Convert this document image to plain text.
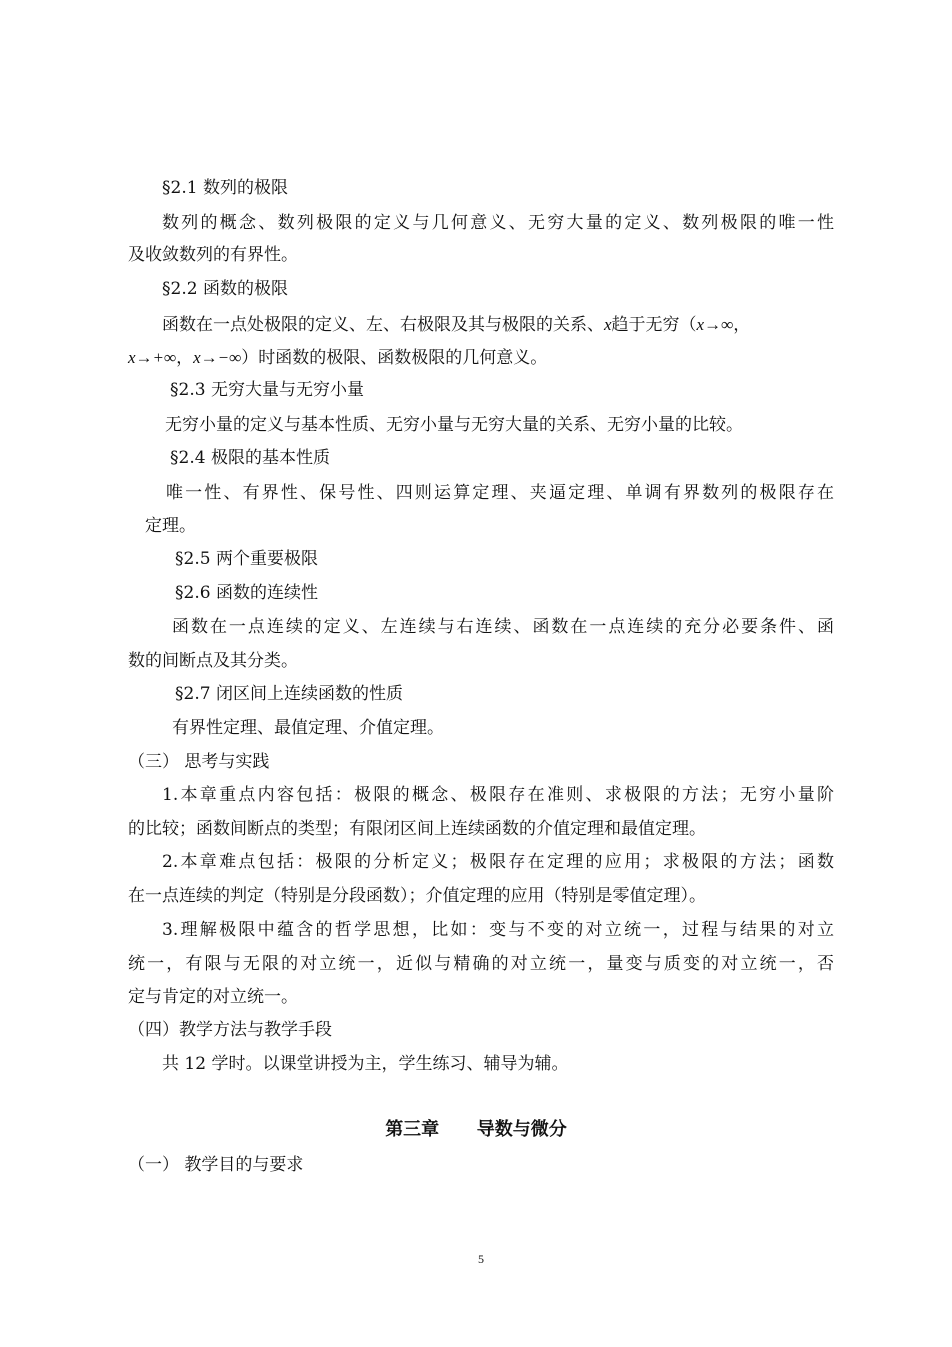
§2.1 数列的极限
数列的概念、数列极限的定义与几何意义、无穷大量的定义、数列极限的唯一性
及收敛数列的有界性。
§2.2 函数的极限
函数在一点处极限的定义、左、右极限及其与极限的关系、x趋于无穷（x→∞，
x→+∞，x→−∞）时函数的极限、函数极限的几何意义。
§2.3 无穷大量与无穷小量
无穷小量的定义与基本性质、无穷小量与无穷大量的关系、无穷小量的比较。
§2.4 极限的基本性质
唯一性、有界性、保号性、四则运算定理、夹逼定理、单调有界数列的极限存在
定理。
§2.5 两个重要极限
§2.6 函数的连续性
函数在一点连续的定义、左连续与右连续、函数在一点连续的充分必要条件、函
数的间断点及其分类。
§2.7 闭区间上连续函数的性质
有界性定理、最值定理、介值定理。
（三） 思考与实践
1.本章重点内容包括：极限的概念、极限存在准则、求极限的方法；无穷小量阶
的比较；函数间断点的类型；有限闭区间上连续函数的介值定理和最值定理。
2.本章难点包括：极限的分析定义；极限存在定理的应用；求极限的方法；函数
在一点连续的判定（特别是分段函数）；介值定理的应用（特别是零值定理）。
3.理解极限中蕴含的哲学思想，比如：变与不变的对立统一，过程与结果的对立
统一，有限与无限的对立统一，近似与精确的对立统一，量变与质变的对立统一，否
定与肯定的对立统一。
（四）教学方法与教学手段
共 12 学时。以课堂讲授为主，学生练习、辅导为辅。
第三章      导数与微分
（一） 教学目的与要求
5
